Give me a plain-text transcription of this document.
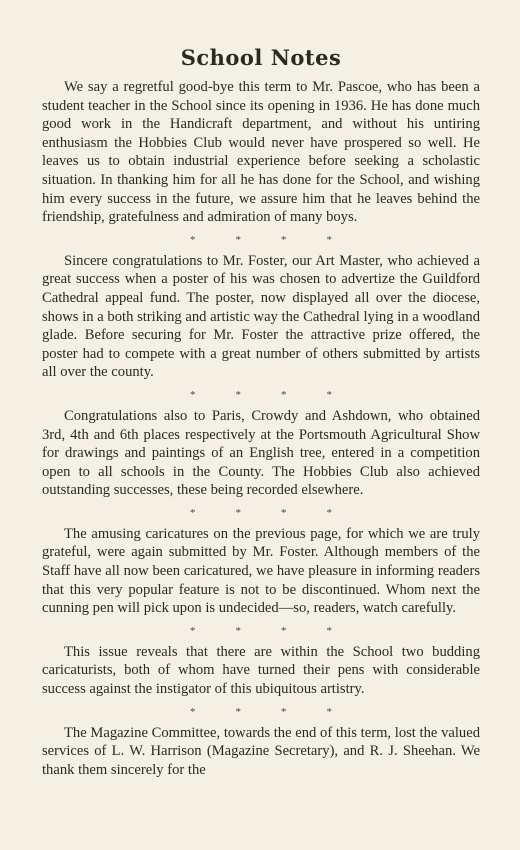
School Notes

We say a regretful good-bye this term to Mr. Pascoe, who has been a student teacher in the School since its opening in 1936. He has done much good work in the Handicraft department, and without his untiring enthusiasm the Hobbies Club would never have prospered so well. He leaves us to obtain industrial experience before seeking a scholastic situation. In thanking him for all he has done for the School, and wishing him every success in the future, we assure him that he leaves behind the friendship, gratefulness and admiration of many boys.

*	*	*	*

Sincere congratulations to Mr. Foster, our Art Master, who achieved a great success when a poster of his was chosen to advertize the Guildford Cathedral appeal fund. The poster, now displayed all over the diocese, shows in a both striking and artistic way the Cathedral lying in a woodland glade. Before securing for Mr. Foster the attractive prize offered, the poster had to compete with a great number of others submitted by artists all over the county.

*	*	*	*

Congratulations also to Paris, Crowdy and Ashdown, who obtained 3rd, 4th and 6th places respectively at the Portsmouth Agricultural Show for drawings and paintings of an English tree, entered in a competition open to all schools in the County. The Hobbies Club also achieved outstanding successes, these being recorded elsewhere.

*	*	*	*

The amusing caricatures on the previous page, for which we are truly grateful, were again submitted by Mr. Foster. Although members of the Staff have all now been caricatured, we have pleasure in informing readers that this very popular feature is not to be discontinued. Whom next the cunning pen will pick upon is undecided—so, readers, watch carefully.

*	*	*	*

This issue reveals that there are within the School two budding caricaturists, both of whom have turned their pens with considerable success against the instigator of this ubiquitous artistry.

*	*	*	*

The Magazine Committee, towards the end of this term, lost the valued services of L. W. Harrison (Magazine Secretary), and R. J. Sheehan. We thank them sincerely for the
